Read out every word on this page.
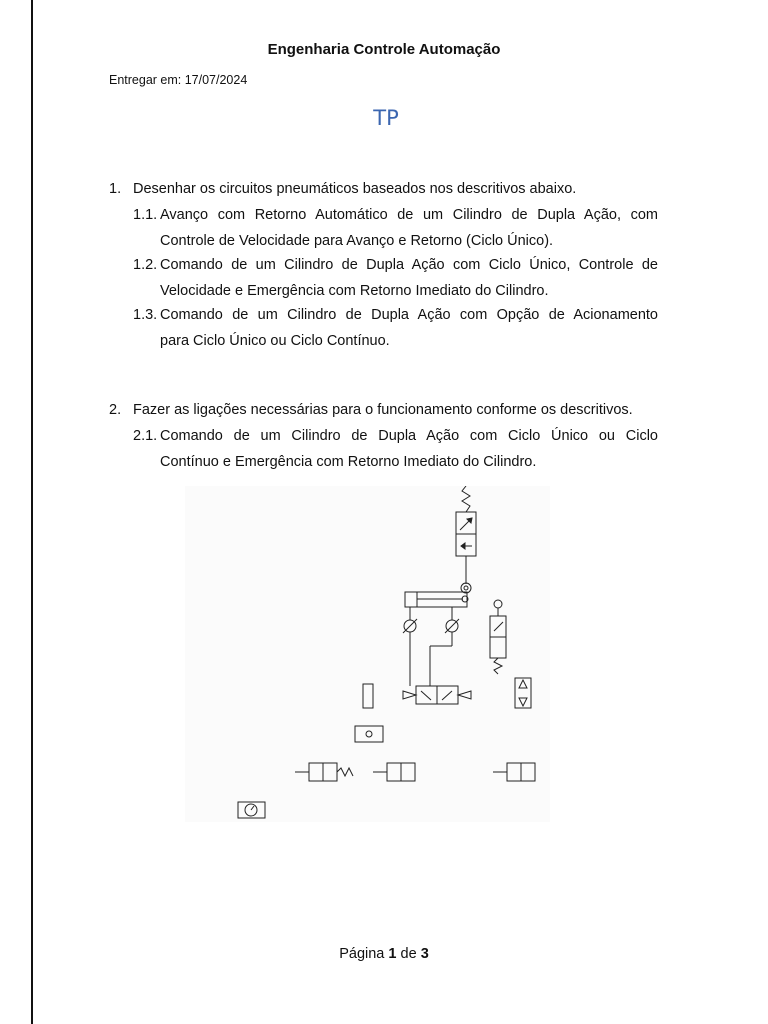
Engenharia Controle Automação
Entregar em: 17/07/2024
TP
1. Desenhar os circuitos pneumáticos baseados nos descritivos abaixo.
1.1. Avanço com Retorno Automático de um Cilindro de Dupla Ação, com
Controle de Velocidade para Avanço e Retorno (Ciclo Único).
1.2. Comando de um Cilindro de Dupla Ação com Ciclo Único, Controle de
Velocidade e Emergência com Retorno Imediato do Cilindro.
1.3. Comando de um Cilindro de Dupla Ação com Opção de Acionamento
para Ciclo Único ou Ciclo Contínuo.
2. Fazer as ligações necessárias para o funcionamento conforme os descritivos.
2.1. Comando de um Cilindro de Dupla Ação com Ciclo Único ou Ciclo
Contínuo e Emergência com Retorno Imediato do Cilindro.
Página 1 de 3
